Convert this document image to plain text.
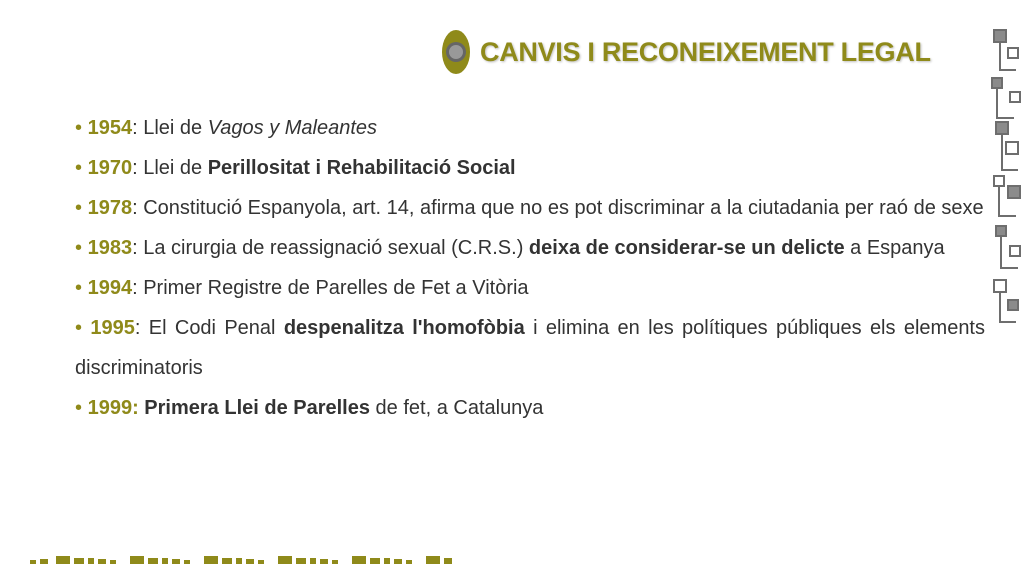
CANVIS I RECONEIXEMENT LEGAL

• 1954: Llei de Vagos y Maleantes

• 1970: Llei de Perillositat i Rehabilitació Social

• 1978: Constitució Espanyola, art. 14, afirma que no es pot discriminar a la ciutadania per raó de sexe

• 1983: La cirurgia de reassignació sexual (C.R.S.) deixa de considerar-se un delicte a Espanya

• 1994: Primer Registre de Parelles de Fet a Vitòria

• 1995: El Codi Penal despenalitza l'homofòbia i elimina en les polítiques públiques els elements discriminatoris

• 1999: Primera Llei de Parelles de fet, a Catalunya
